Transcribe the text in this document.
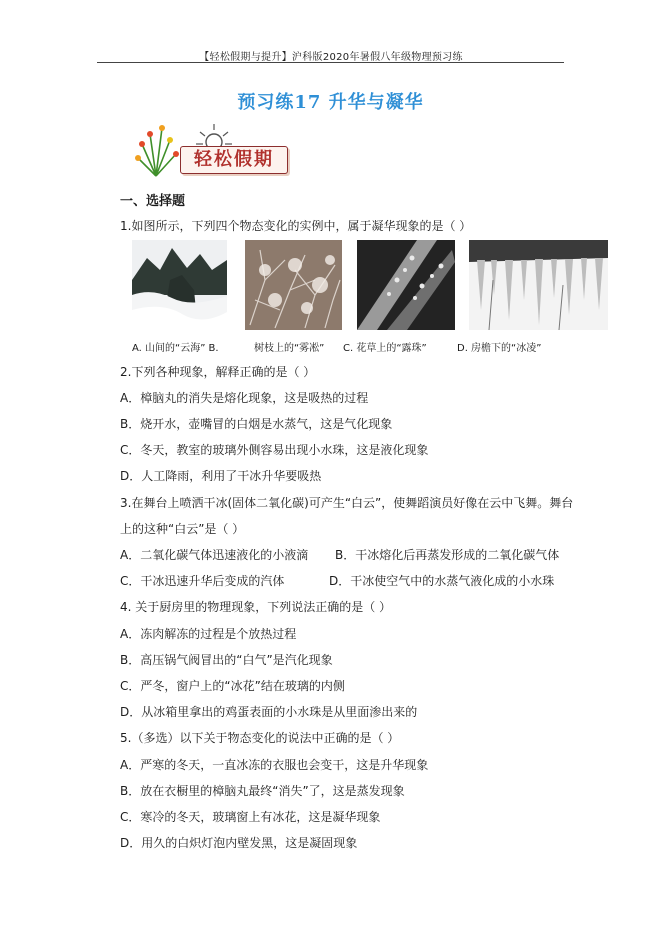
【轻松假期与提升】沪科版2020年暑假八年级物理预习练
预习练17 升华与凝华
轻松假期
一、选择题
1.如图所示，下列四个物态变化的实例中，属于凝华现象的是（ ）
A. 山间的“云海” B.	树枝上的“雾凇” C. 花草上的“露珠”	D. 房檐下的“冰凌”
2.下列各种现象，解释正确的是（ ）
A．樟脑丸的消失是熔化现象，这是吸热的过程
B．烧开水，壶嘴冒的白烟是水蒸气，这是气化现象
C．冬天，教室的玻璃外侧容易出现小水珠，这是液化现象
D．人工降雨，利用了干冰升华要吸热
3.在舞台上喷洒干冰(固体二氧化碳)可产生“白云”，使舞蹈演员好像在云中飞舞。舞台
上的这种“白云”是（ ）
A．二氧化碳气体迅速液化的小液滴 B．干冰熔化后再蒸发形成的二氧化碳气体
C．干冰迅速升华后变成的汽体	D．干冰使空气中的水蒸气液化成的小水珠
4. 关于厨房里的物理现象，下列说法正确的是（ ）
A．冻肉解冻的过程是个放热过程
B．高压锅气阀冒出的“白气”是汽化现象
C．严冬，窗户上的“冰花”结在玻璃的内侧
D．从冰箱里拿出的鸡蛋表面的小水珠是从里面渗出来的
5.（多选）以下关于物态变化的说法中正确的是（ ）
A．严寒的冬天，一直冰冻的衣服也会变干，这是升华现象
B．放在衣橱里的樟脑丸最终“消失”了，这是蒸发现象
C．寒冷的冬天，玻璃窗上有冰花，这是凝华现象
D．用久的白炽灯泡内壁发黑，这是凝固现象
